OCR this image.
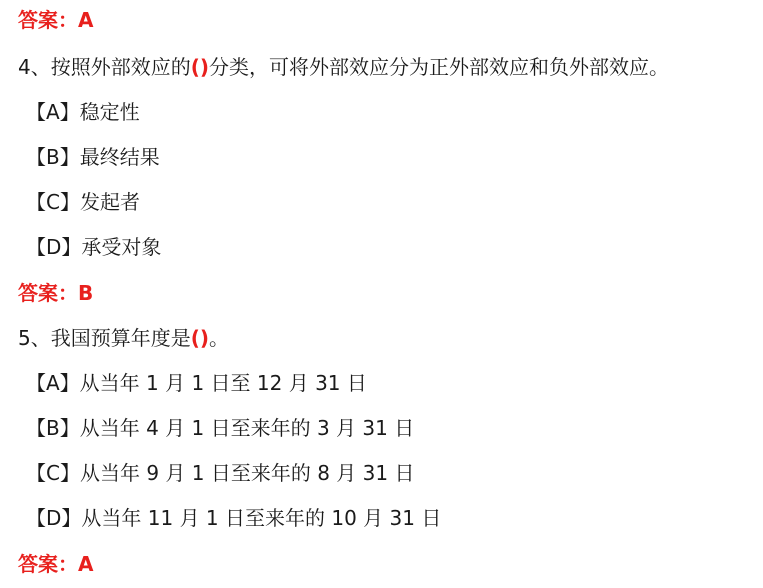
答案：A
4、按照外部效应的()分类，可将外部效应分为正外部效应和负外部效应。
【A】稳定性
【B】最终结果
【C】发起者
【D】承受对象
答案：B
5、我国预算年度是()。
【A】从当年 1 月 1 日至 12 月 31 日
【B】从当年 4 月 1 日至来年的 3 月 31 日
【C】从当年 9 月 1 日至来年的 8 月 31 日
【D】从当年 11 月 1 日至来年的 10 月 31 日
答案：A
